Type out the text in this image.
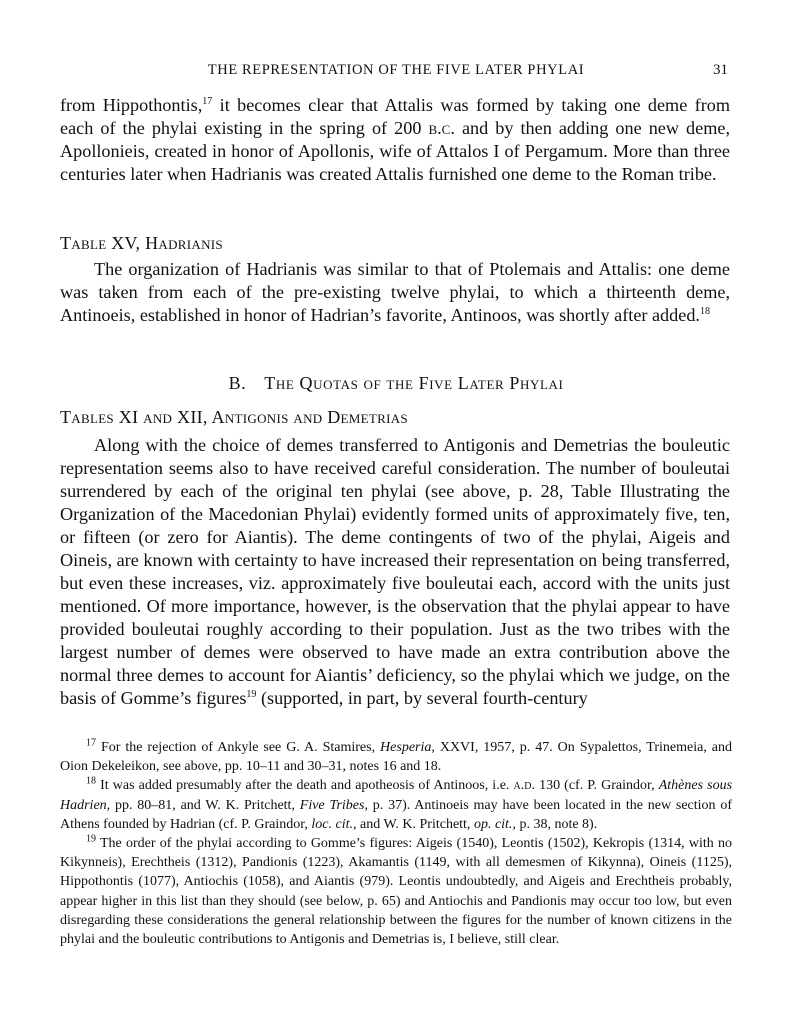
THE REPRESENTATION OF THE FIVE LATER PHYLAI	31

from Hippothontis,$^{17}$ it becomes clear that Attalis was formed by taking one deme from each of the phylai existing in the spring of 200 b.c. and by then adding one new deme, Apollonieis, created in honor of Apollonis, wife of Attalos I of Pergamum. More than three centuries later when Hadrianis was created Attalis furnished one deme to the Roman tribe.

Table XV, Hadrianis

The organization of Hadrianis was similar to that of Ptolemais and Attalis: one deme was taken from each of the pre-existing twelve phylai, to which a thirteenth deme, Antinoeis, established in honor of Hadrian’s favorite, Antinoos, was shortly after added.$^{18}$

B. The Quotas of the Five Later Phylai
Tables XI and XII, Antigonis and Demetrias

Along with the choice of demes transferred to Antigonis and Demetrias the bouleutic representation seems also to have received careful consideration. The number of bouleutai surrendered by each of the original ten phylai (see above, p. 28, Table Illustrating the Organization of the Macedonian Phylai) evidently formed units of approximately five, ten, or fifteen (or zero for Aiantis). The deme contingents of two of the phylai, Aigeis and Oineis, are known with certainty to have increased their representation on being transferred, but even these increases, viz. approximately five bouleutai each, accord with the units just mentioned. Of more importance, however, is the observation that the phylai appear to have provided bouleutai roughly according to their population. Just as the two tribes with the largest number of demes were observed to have made an extra contribution above the normal three demes to account for Aiantis’ deficiency, so the phylai which we judge, on the basis of Gomme’s figures$^{19}$ (supported, in part, by several fourth-century

$^{17}$ For the rejection of Ankyle see G. A. Stamires, Hesperia, XXVI, 1957, p. 47. On Sypalettos, Trinemeia, and Oion Dekeleikon, see above, pp. 10–11 and 30–31, notes 16 and 18.

$^{18}$ It was added presumably after the death and apotheosis of Antinoos, i.e. a.d. 130 (cf. P. Graindor, Athènes sous Hadrien, pp. 80–81, and W. K. Pritchett, Five Tribes, p. 37). Antinoeis may have been located in the new section of Athens founded by Hadrian (cf. P. Graindor, loc. cit., and W. K. Pritchett, op. cit., p. 38, note 8).

$^{19}$ The order of the phylai according to Gomme’s figures: Aigeis (1540), Leontis (1502), Kekropis (1314, with no Kikynneis), Erechtheis (1312), Pandionis (1223), Akamantis (1149, with all demesmen of Kikynna), Oineis (1125), Hippothontis (1077), Antiochis (1058), and Aiantis (979). Leontis undoubtedly, and Aigeis and Erechtheis probably, appear higher in this list than they should (see below, p. 65) and Antiochis and Pandionis may occur too low, but even disregarding these considerations the general relationship between the figures for the number of known citizens in the phylai and the bouleutic contributions to Antigonis and Demetrias is, I believe, still clear.
